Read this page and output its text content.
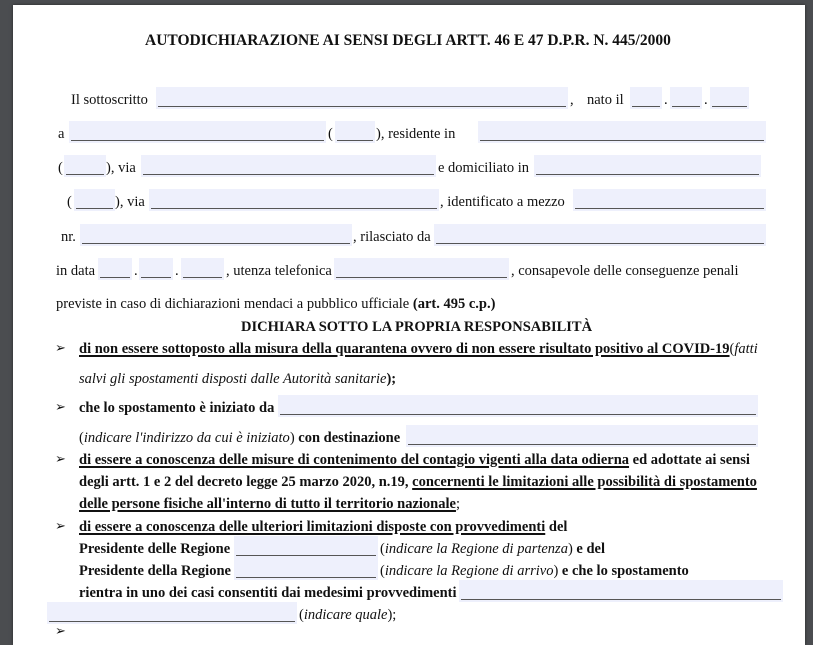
AUTODICHIARAZIONE AI SENSI DEGLI ARTT. 46 E 47 D.P.R. N. 445/2000
Il sottoscritto	, nato il	.	.
a	(	), residente in
(	), via	e domiciliato in
(	), via	, identificato a mezzo
nr.	, rilasciato da
in data	.	.	, utenza telefonica	, consapevole delle conseguenze penali
previste in caso di dichiarazioni mendaci a pubblico ufficiale (art. 495 c.p.)
DICHIARA SOTTO LA PROPRIA RESPONSABILITÀ
➢ di non essere sottoposto alla misura della quarantena ovvero di non essere risultato positivo al COVID-19(fatti
salvi gli spostamenti disposti dalle Autorità sanitarie);
➢ che lo spostamento è iniziato da
(indicare l'indirizzo da cui è iniziato) con destinazione
➢ di essere a conoscenza delle misure di contenimento del contagio vigenti alla data odierna ed adottate ai sensi
degli artt. 1 e 2 del decreto legge 25 marzo 2020, n.19, concernenti le limitazioni alle possibilità di spostamento
delle persone fisiche all'interno di tutto il territorio nazionale;
➢ di essere a conoscenza delle ulteriori limitazioni disposte con provvedimenti del
Presidente delle Regione	(indicare la Regione di partenza) e del
Presidente della Regione	(indicare la Regione di arrivo) e che lo spostamento
rientra in uno dei casi consentiti dai medesimi provvedimenti
(indicare quale);
➢
